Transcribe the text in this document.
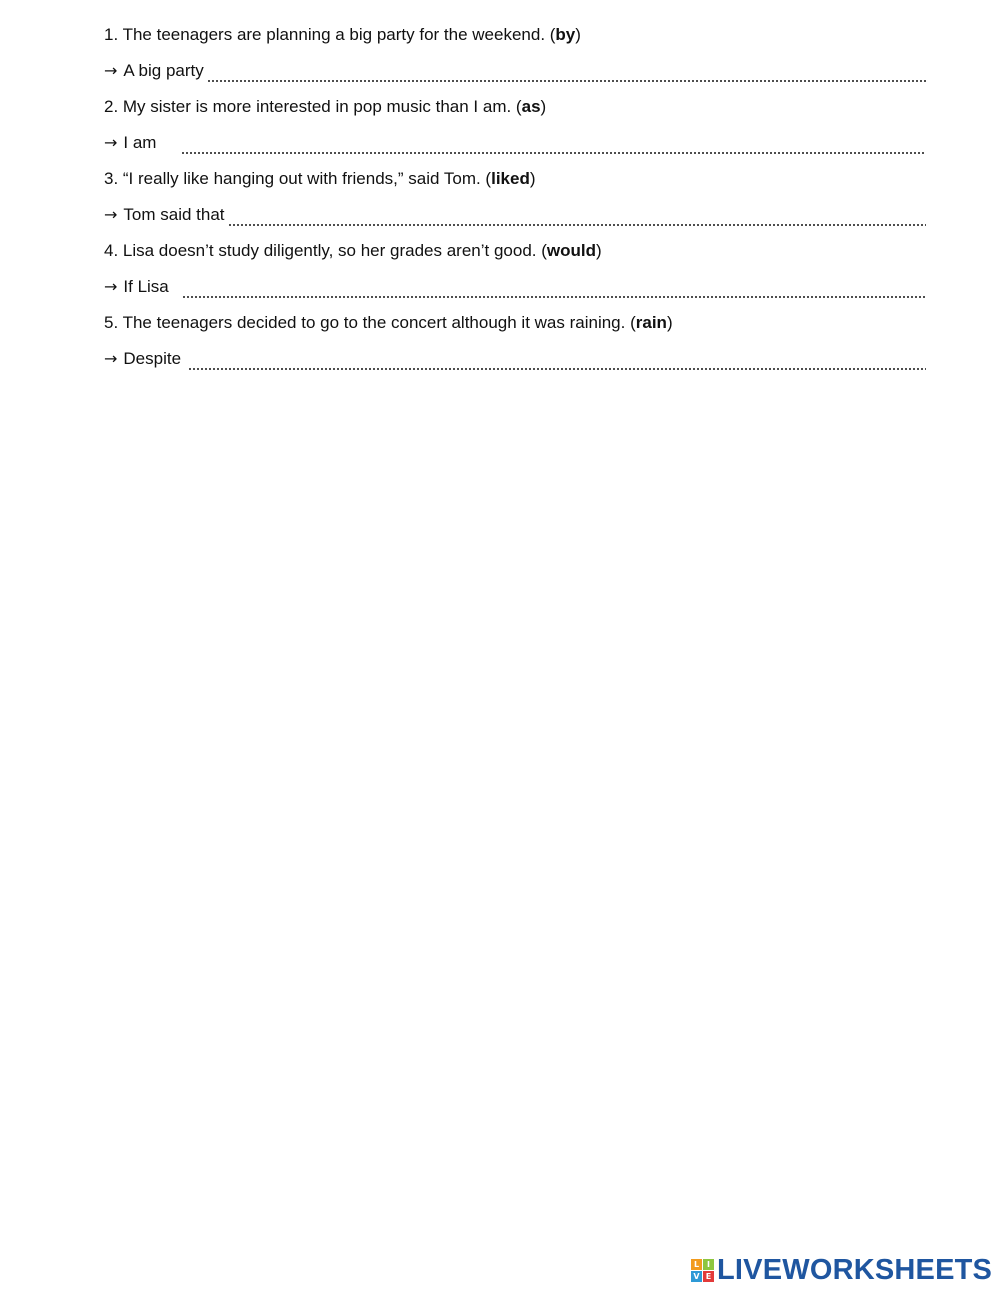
1. The teenagers are planning a big party for the weekend. ( by )
→ A big party
2. My sister is more interested in pop music than I am. ( as )
→ I am
3. “I really like hanging out with friends,” said Tom. ( liked )
→ Tom said that
4. Lisa doesn’t study diligently, so her grades aren’t good. ( would )
→ If Lisa
5. The teenagers decided to go to the concert although it was raining. ( rain )
→ Despite
L I
V E LIVEWORKSHEETS
